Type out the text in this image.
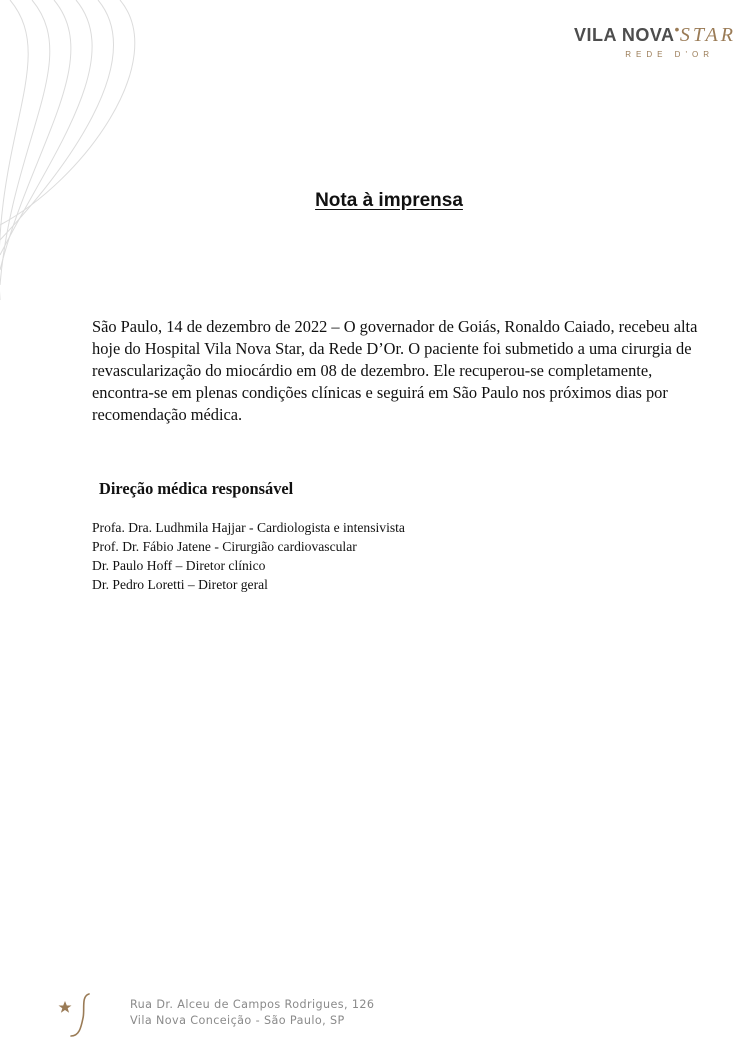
VILA NOVA•STAR
REDE D'OR
Nota à imprensa

São Paulo, 14 de dezembro de 2022 – O governador de Goiás, Ronaldo Caiado, recebeu alta hoje do Hospital Vila Nova Star, da Rede D’Or. O paciente foi submetido a uma cirurgia de revascularização do miocárdio em 08 de dezembro. Ele recuperou-se completamente, encontra-se em plenas condições clínicas e seguirá em São Paulo nos próximos dias por recomendação médica.

Direção médica responsável
Profa. Dra. Ludhmila Hajjar - Cardiologista e intensivista
Prof. Dr. Fábio Jatene - Cirurgião cardiovascular
Dr. Paulo Hoff – Diretor clínico
Dr. Pedro Loretti – Diretor geral
Rua Dr. Alceu de Campos Rodrigues, 126
Vila Nova Conceição - São Paulo, SP
